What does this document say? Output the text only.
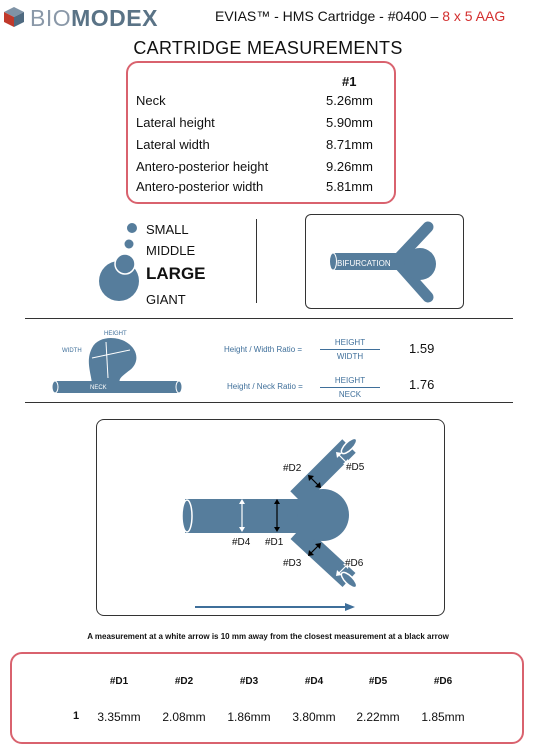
BIOMODEX	EVIAS™ - HMS Cartridge - #0400 – 8 x 5 AAG
CARTRIDGE MEASUREMENTS
#1
Neck	5.26mm
Lateral height	5.90mm
Lateral width	8.71mm
Antero-posterior height	9.26mm
Antero-posterior width	5.81mm
SMALL
MIDDLE
LARGE
GIANT
BIFURCATION
HEIGHT
WIDTH
NECK
Height / Width Ratio =
HEIGHT
WIDTH
1.59
Height / Neck Ratio =
HEIGHT
NECK
1.76
#D2	#D5
#D4 #D1
#D3	#D6
A measurement at a white arrow is 10 mm away from the closest measurement at a black arrow
#D1	#D2	#D3	#D4	#D5	#D6
1	3.35mm	2.08mm	1.86mm	3.80mm	2.22mm	1.85mm
